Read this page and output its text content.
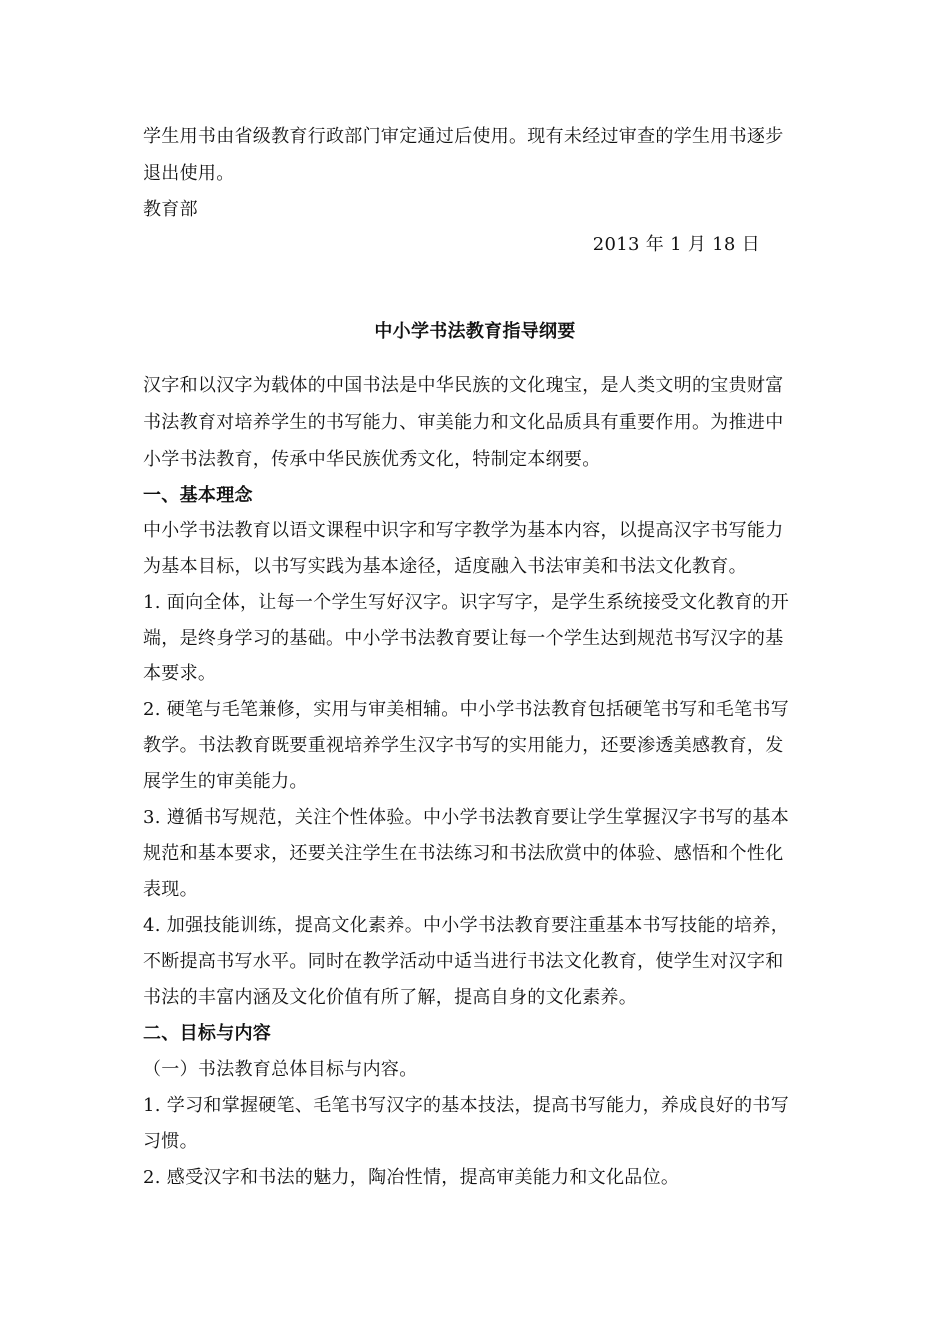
学生用书由省级教育行政部门审定通过后使用。现有未经过审查的学生用书逐步
退出使用。
教育部
2013 年 1 月 18 日
中小学书法教育指导纲要
汉字和以汉字为载体的中国书法是中华民族的文化瑰宝，是人类文明的宝贵财富
书法教育对培养学生的书写能力、审美能力和文化品质具有重要作用。为推进中
小学书法教育，传承中华民族优秀文化，特制定本纲要。
一、基本理念
中小学书法教育以语文课程中识字和写字教学为基本内容，以提高汉字书写能力
为基本目标，以书写实践为基本途径，适度融入书法审美和书法文化教育。
1. 面向全体，让每一个学生写好汉字。识字写字，是学生系统接受文化教育的开
端，是终身学习的基础。中小学书法教育要让每一个学生达到规范书写汉字的基
本要求。
2. 硬笔与毛笔兼修，实用与审美相辅。中小学书法教育包括硬笔书写和毛笔书写
教学。书法教育既要重视培养学生汉字书写的实用能力，还要渗透美感教育，发
展学生的审美能力。
3. 遵循书写规范，关注个性体验。中小学书法教育要让学生掌握汉字书写的基本
规范和基本要求，还要关注学生在书法练习和书法欣赏中的体验、感悟和个性化
表现。
4. 加强技能训练，提高文化素养。中小学书法教育要注重基本书写技能的培养，
不断提高书写水平。同时在教学活动中适当进行书法文化教育，使学生对汉字和
书法的丰富内涵及文化价值有所了解，提高自身的文化素养。
二、目标与内容
（一）书法教育总体目标与内容。
1. 学习和掌握硬笔、毛笔书写汉字的基本技法，提高书写能力，养成良好的书写
习惯。
2. 感受汉字和书法的魅力，陶冶性情，提高审美能力和文化品位。
